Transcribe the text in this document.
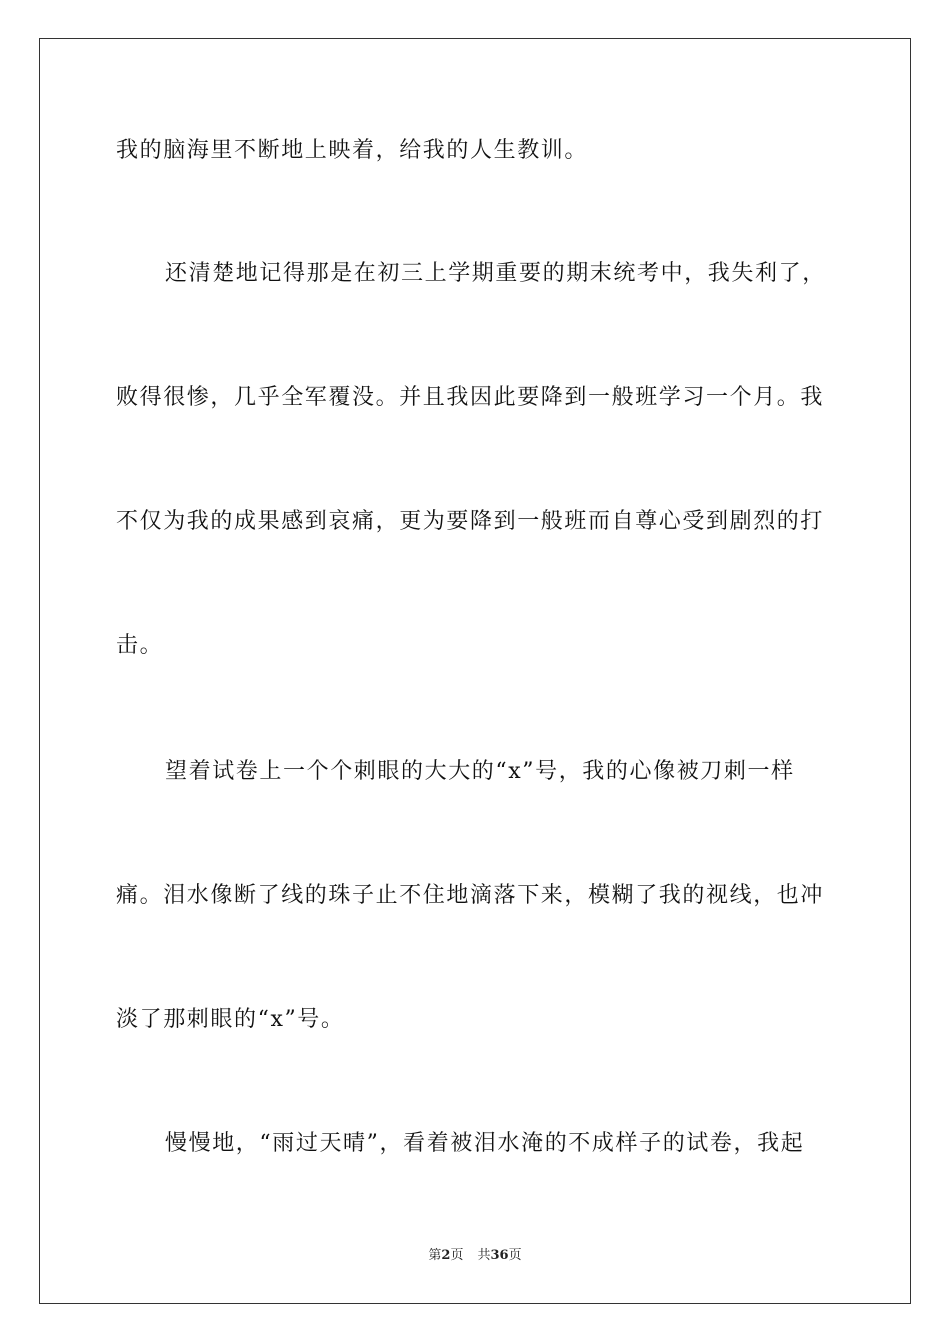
我的脑海里不断地上映着，给我的人生教训。
还清楚地记得那是在初三上学期重要的期末统考中，我失利了，
败得很惨，几乎全军覆没。并且我因此要降到一般班学习一个月。我
不仅为我的成果感到哀痛，更为要降到一般班而自尊心受到剧烈的打
击。
望着试卷上一个个刺眼的大大的“x”号，我的心像被刀刺一样
痛。泪水像断了线的珠子止不住地滴落下来，模糊了我的视线，也冲
淡了那刺眼的“x”号。
慢慢地，“雨过天晴”，看着被泪水淹的不成样子的试卷，我起
第2页 共36页
